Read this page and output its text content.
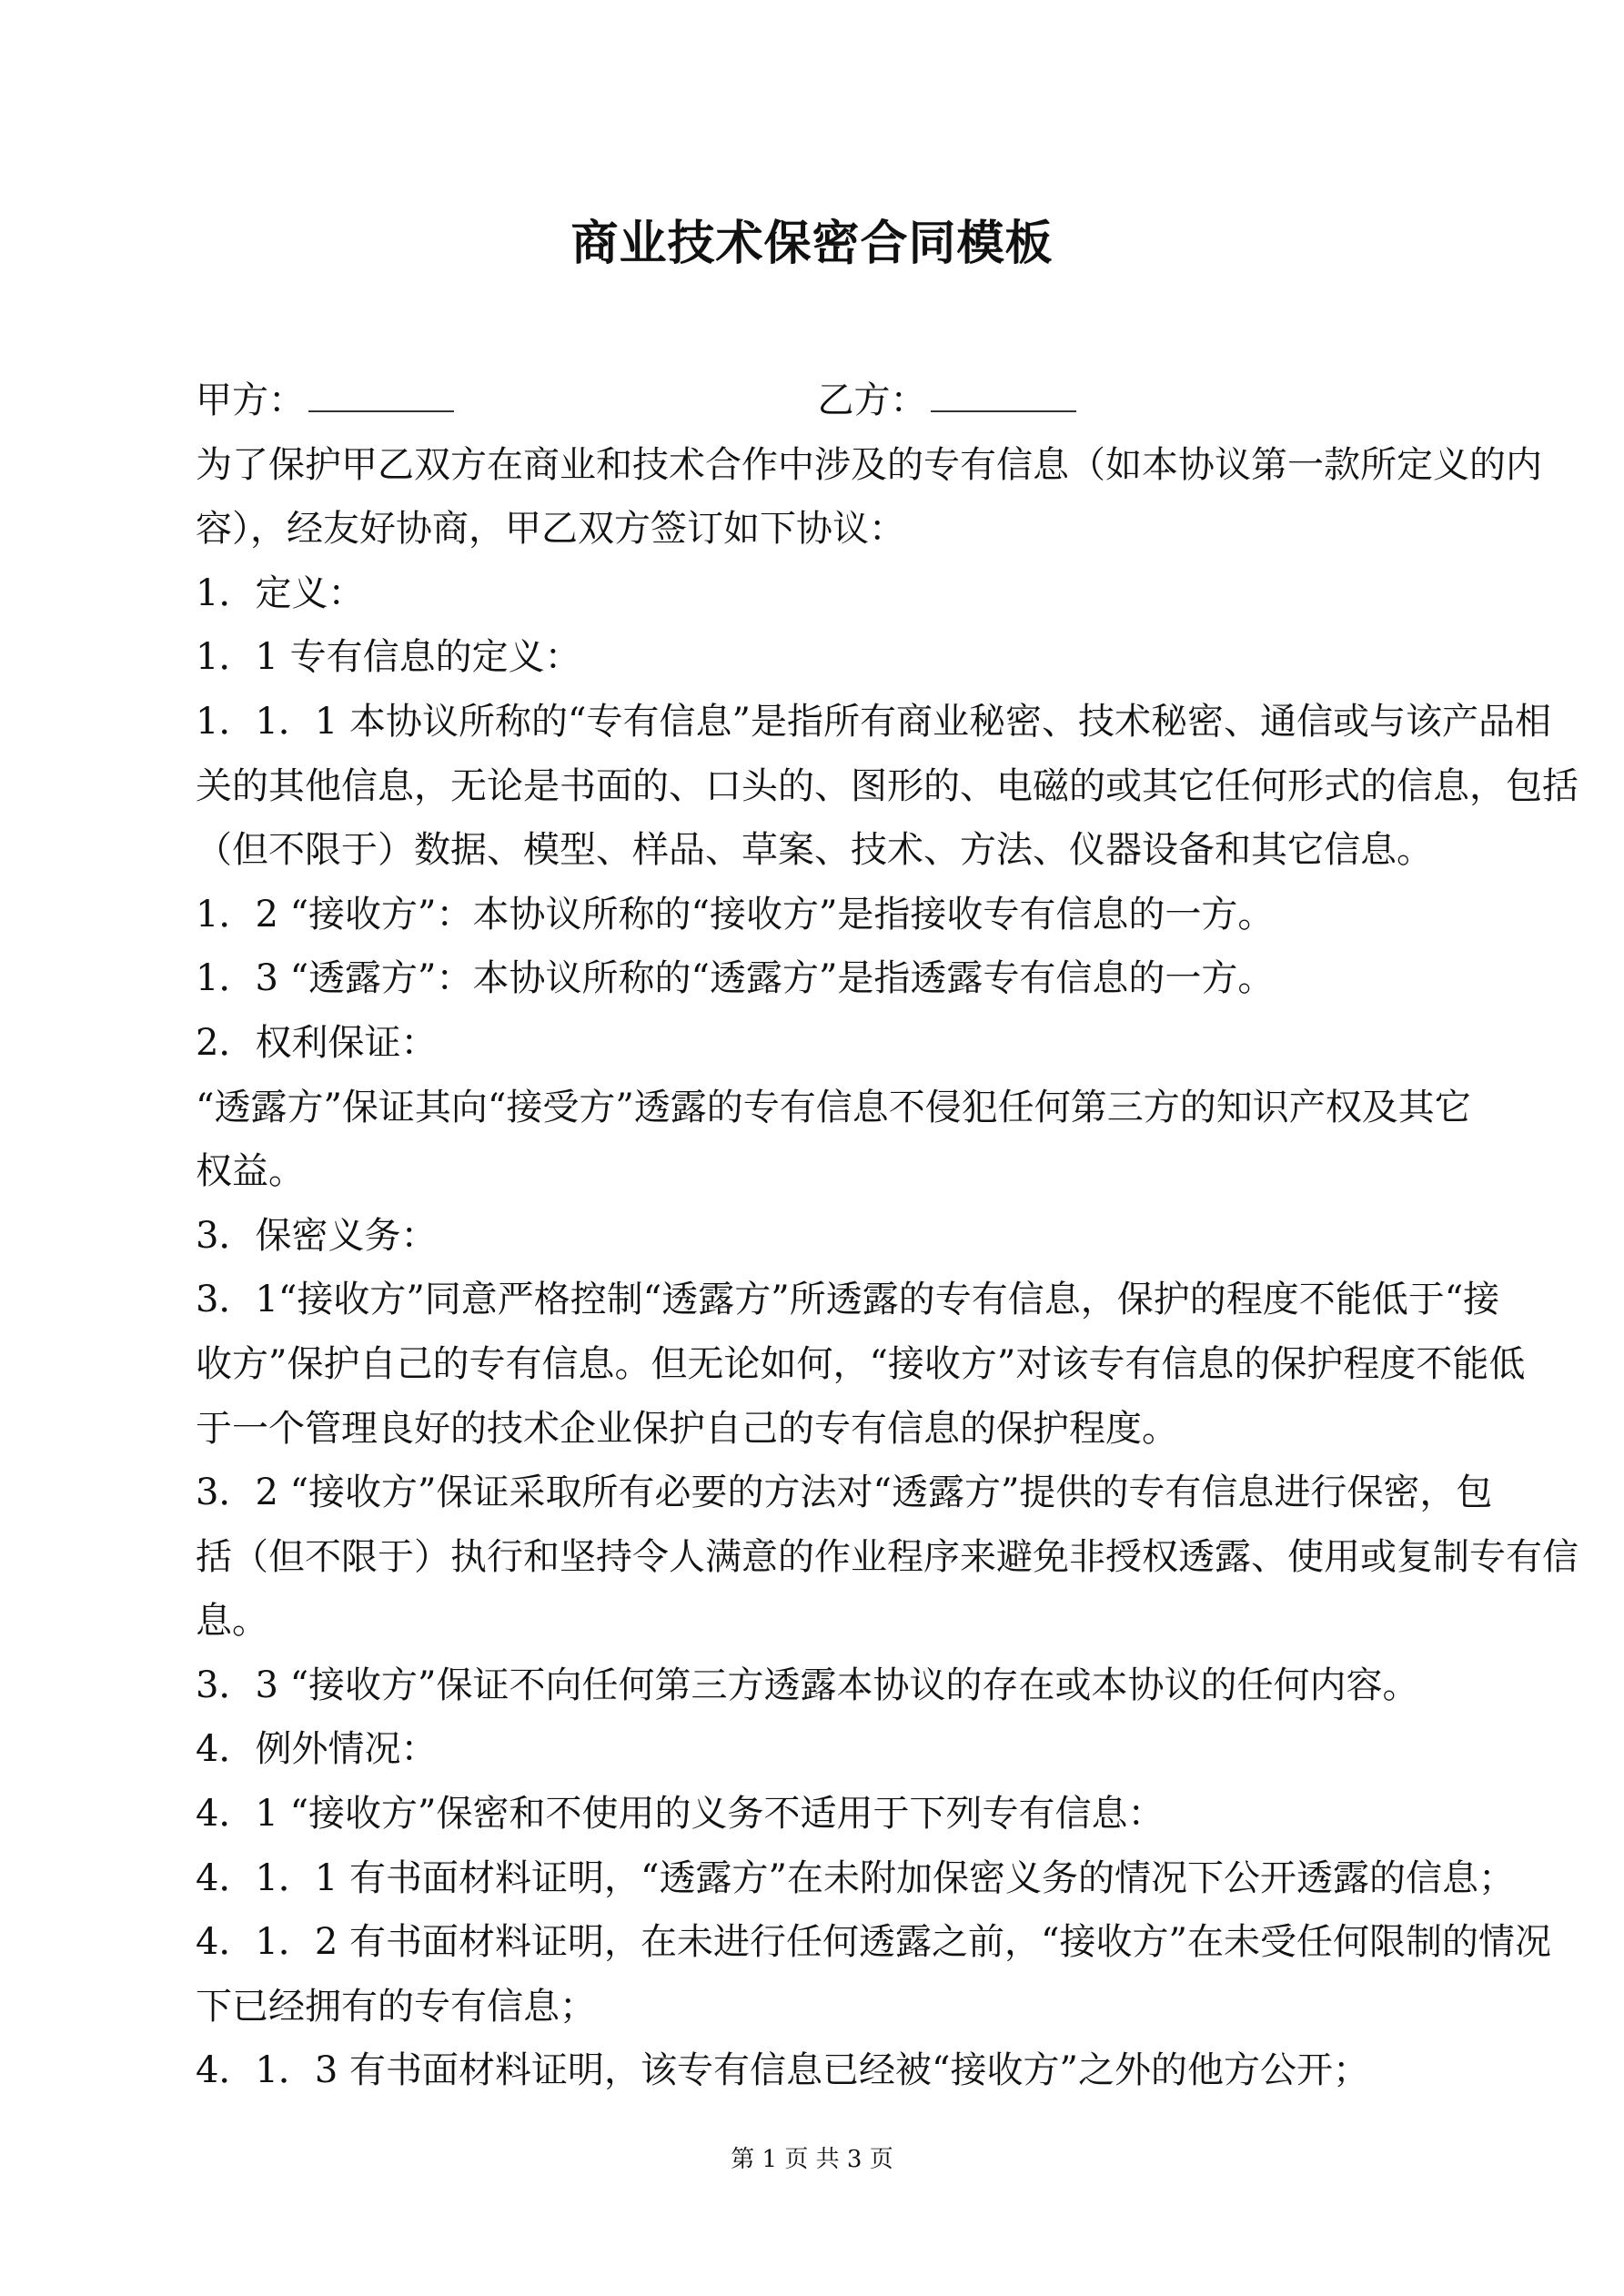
商业技术保密合同模板
甲方：	乙方：
为了保护甲乙双方在商业和技术合作中涉及的专有信息（如本协议第一款所定义的内
容），经友好协商，甲乙双方签订如下协议：
1．定义：
1．1 专有信息的定义：
1．1．1 本协议所称的“专有信息”是指所有商业秘密、技术秘密、通信或与该产品相
关的其他信息，无论是书面的、口头的、图形的、电磁的或其它任何形式的信息，包括
（但不限于）数据、模型、样品、草案、技术、方法、仪器设备和其它信息。
1．2 “接收方”：本协议所称的“接收方”是指接收专有信息的一方。
1．3 “透露方”：本协议所称的“透露方”是指透露专有信息的一方。
2．权利保证：
“透露方”保证其向“接受方”透露的专有信息不侵犯任何第三方的知识产权及其它
权益。
3．保密义务：
3．1“接收方”同意严格控制“透露方”所透露的专有信息，保护的程度不能低于“接
收方”保护自己的专有信息。但无论如何，“接收方”对该专有信息的保护程度不能低
于一个管理良好的技术企业保护自己的专有信息的保护程度。
3．2 “接收方”保证采取所有必要的方法对“透露方”提供的专有信息进行保密，包
括（但不限于）执行和坚持令人满意的作业程序来避免非授权透露、使用或复制专有信
息。
3．3 “接收方”保证不向任何第三方透露本协议的存在或本协议的任何内容。
4．例外情况：
4．1 “接收方”保密和不使用的义务不适用于下列专有信息：
4．1．1 有书面材料证明，“透露方”在未附加保密义务的情况下公开透露的信息；
4．1．2 有书面材料证明，在未进行任何透露之前，“接收方”在未受任何限制的情况
下已经拥有的专有信息；
4．1．3 有书面材料证明，该专有信息已经被“接收方”之外的他方公开；
第 1 页 共 3 页
